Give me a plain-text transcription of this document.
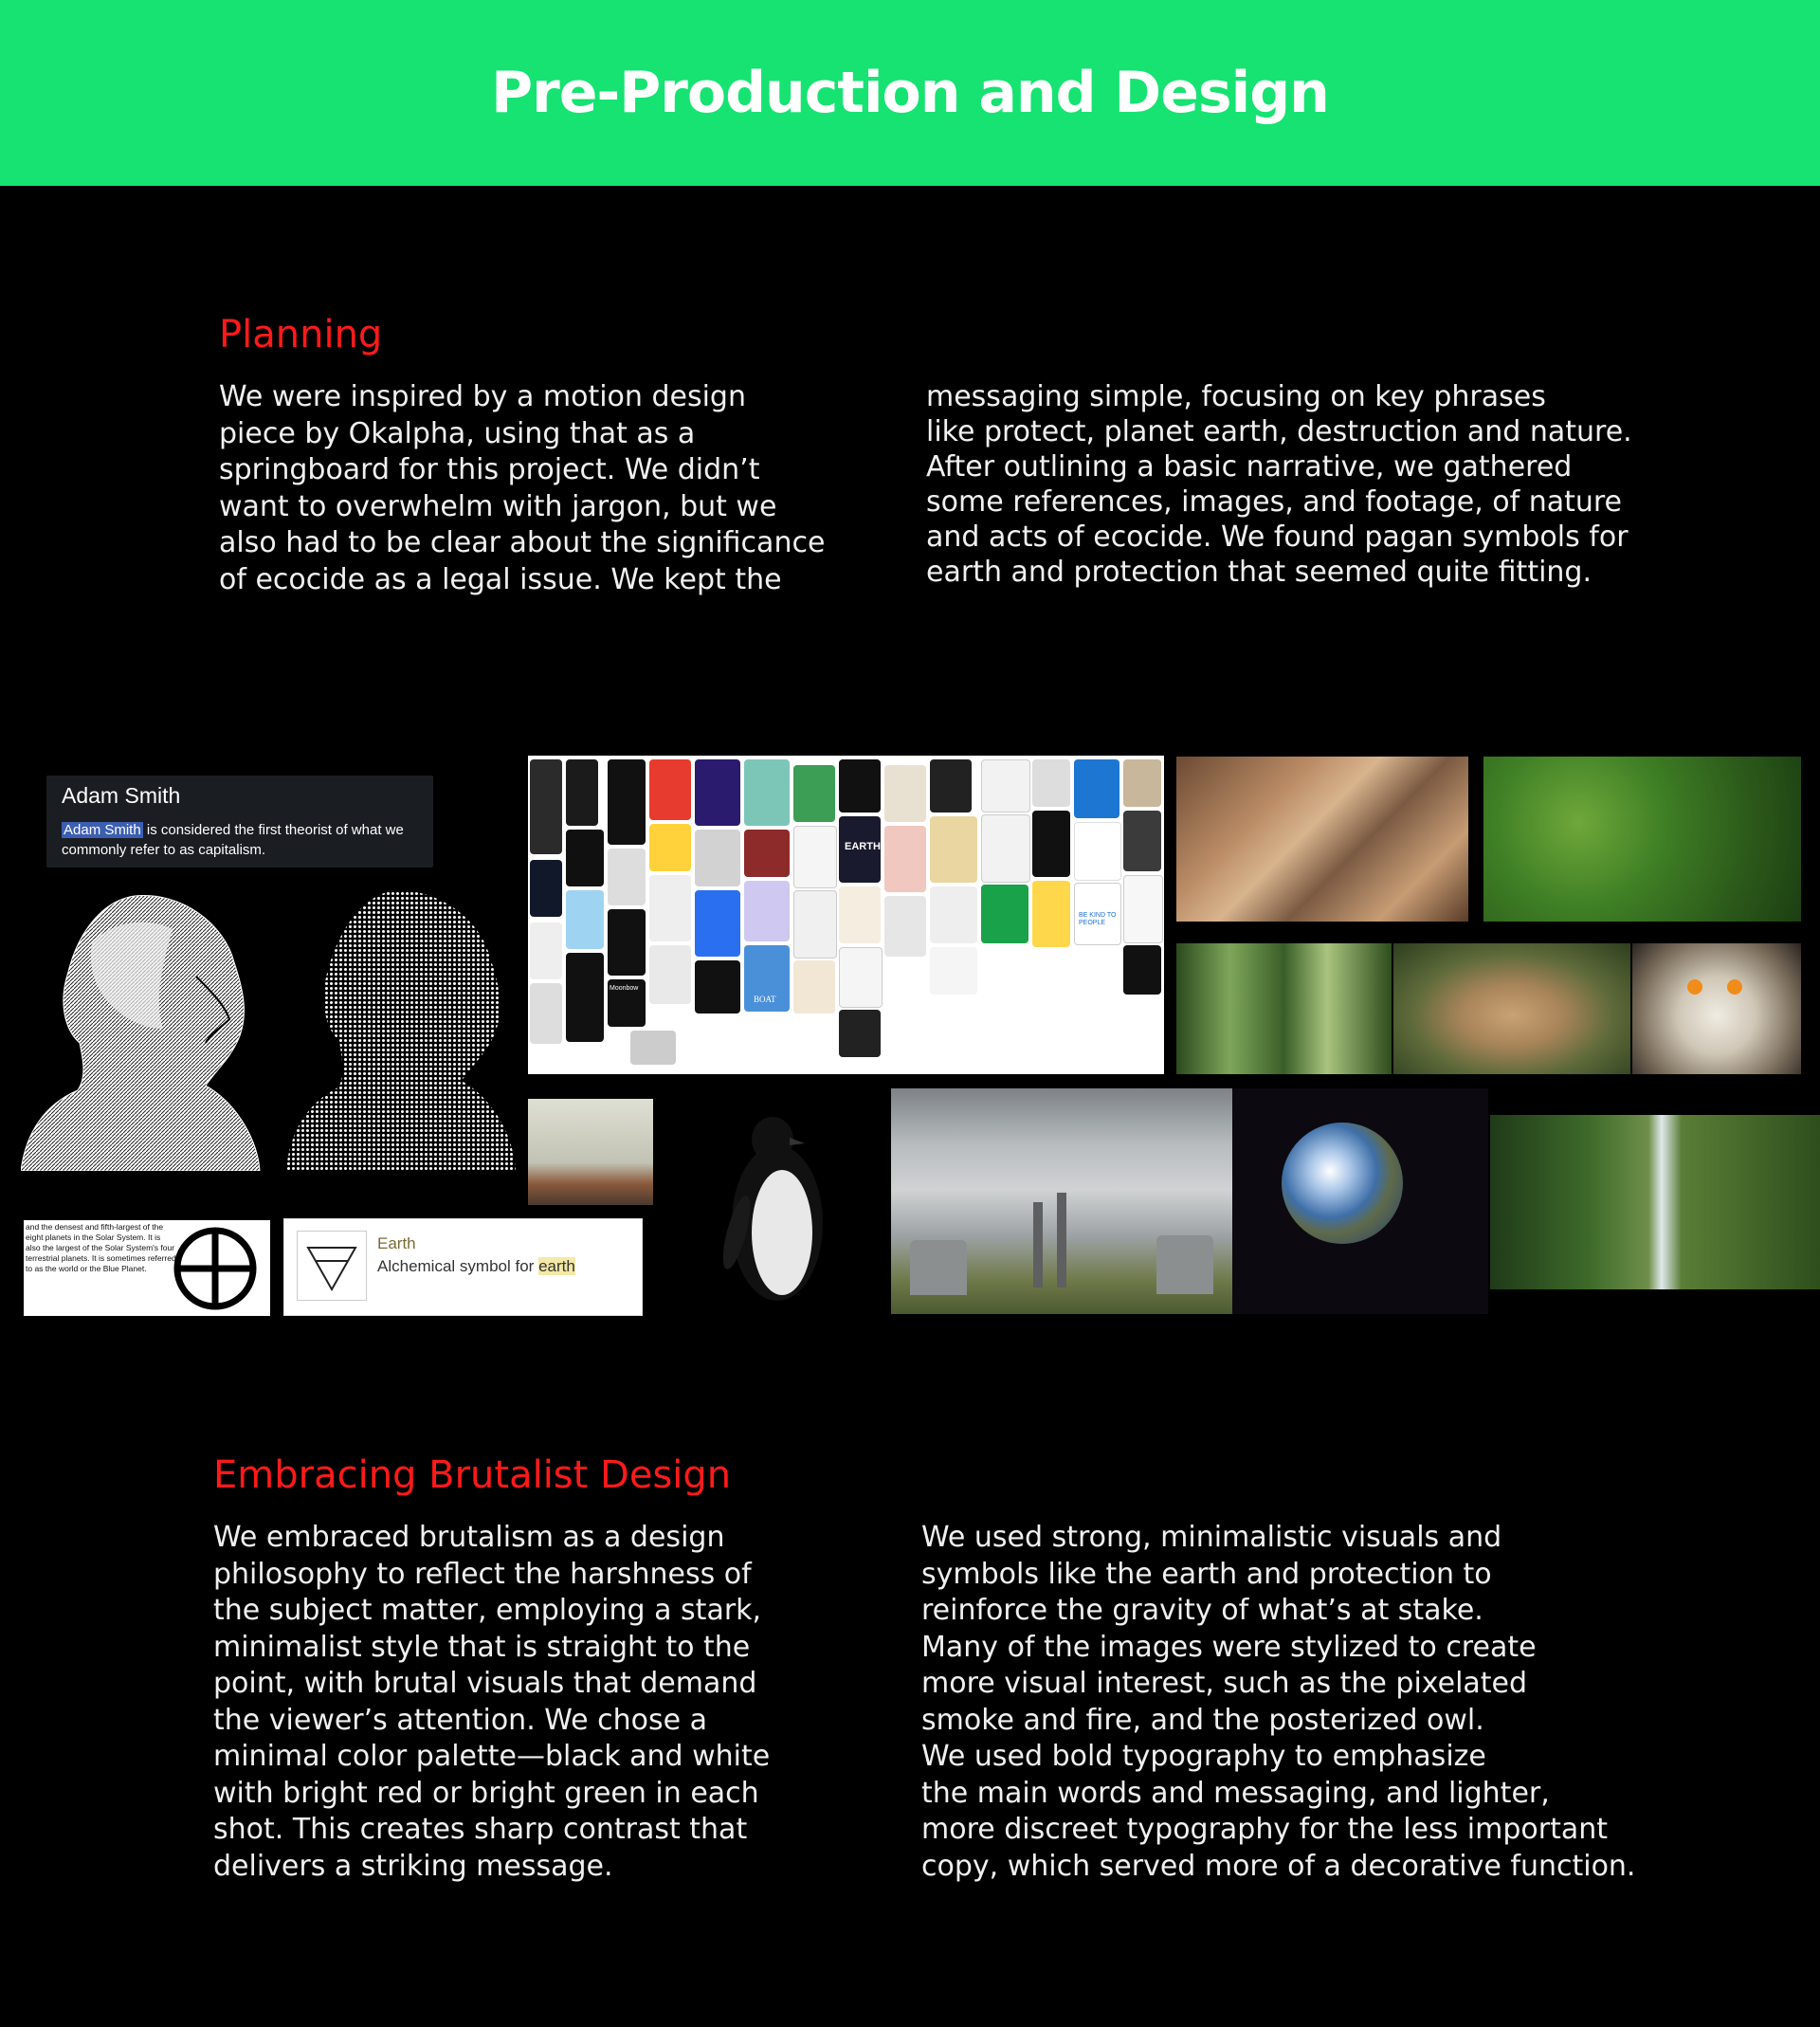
Pre-Production and Design
Planning

We were inspired by a motion design
piece by Okalpha, using that as a
springboard for this project. We didn’t
want to overwhelm with jargon, but we
also had to be clear about the significance
of ecocide as a legal issue. We kept the

messaging simple, focusing on key phrases
like protect, planet earth, destruction and nature.
After outlining a basic narrative, we gathered
some references, images, and footage, of nature
and acts of ecocide. We found pagan symbols for
earth and protection that seemed quite fitting.

Adam Smith
Adam Smith is considered the first theorist of what we
commonly refer to as capitalism.
and the densest and fifth-largest of the eight planets in the Solar System. It is also the largest of the Solar System's four terrestrial planets. It is sometimes referred to as the world or the Blue Planet.
Earth
Alchemical symbol for earth
EARTH
BE KIND TO PEOPLE
Moonbow
BOAT
Embracing Brutalist Design

We embraced brutalism as a design
philosophy to reflect the harshness of
the subject matter, employing a stark,
minimalist style that is straight to the
point, with brutal visuals that demand
the viewer’s attention. We chose a
minimal color palette—black and white
with bright red or bright green in each
shot. This creates sharp contrast that
delivers a striking message.

We used strong, minimalistic visuals and
symbols like the earth and protection to
reinforce the gravity of what’s at stake.
Many of the images were stylized to create
more visual interest, such as the pixelated
smoke and fire, and the posterized owl.
We used bold typography to emphasize
the main words and messaging, and lighter,
more discreet typography for the less important
copy, which served more of a decorative function.
